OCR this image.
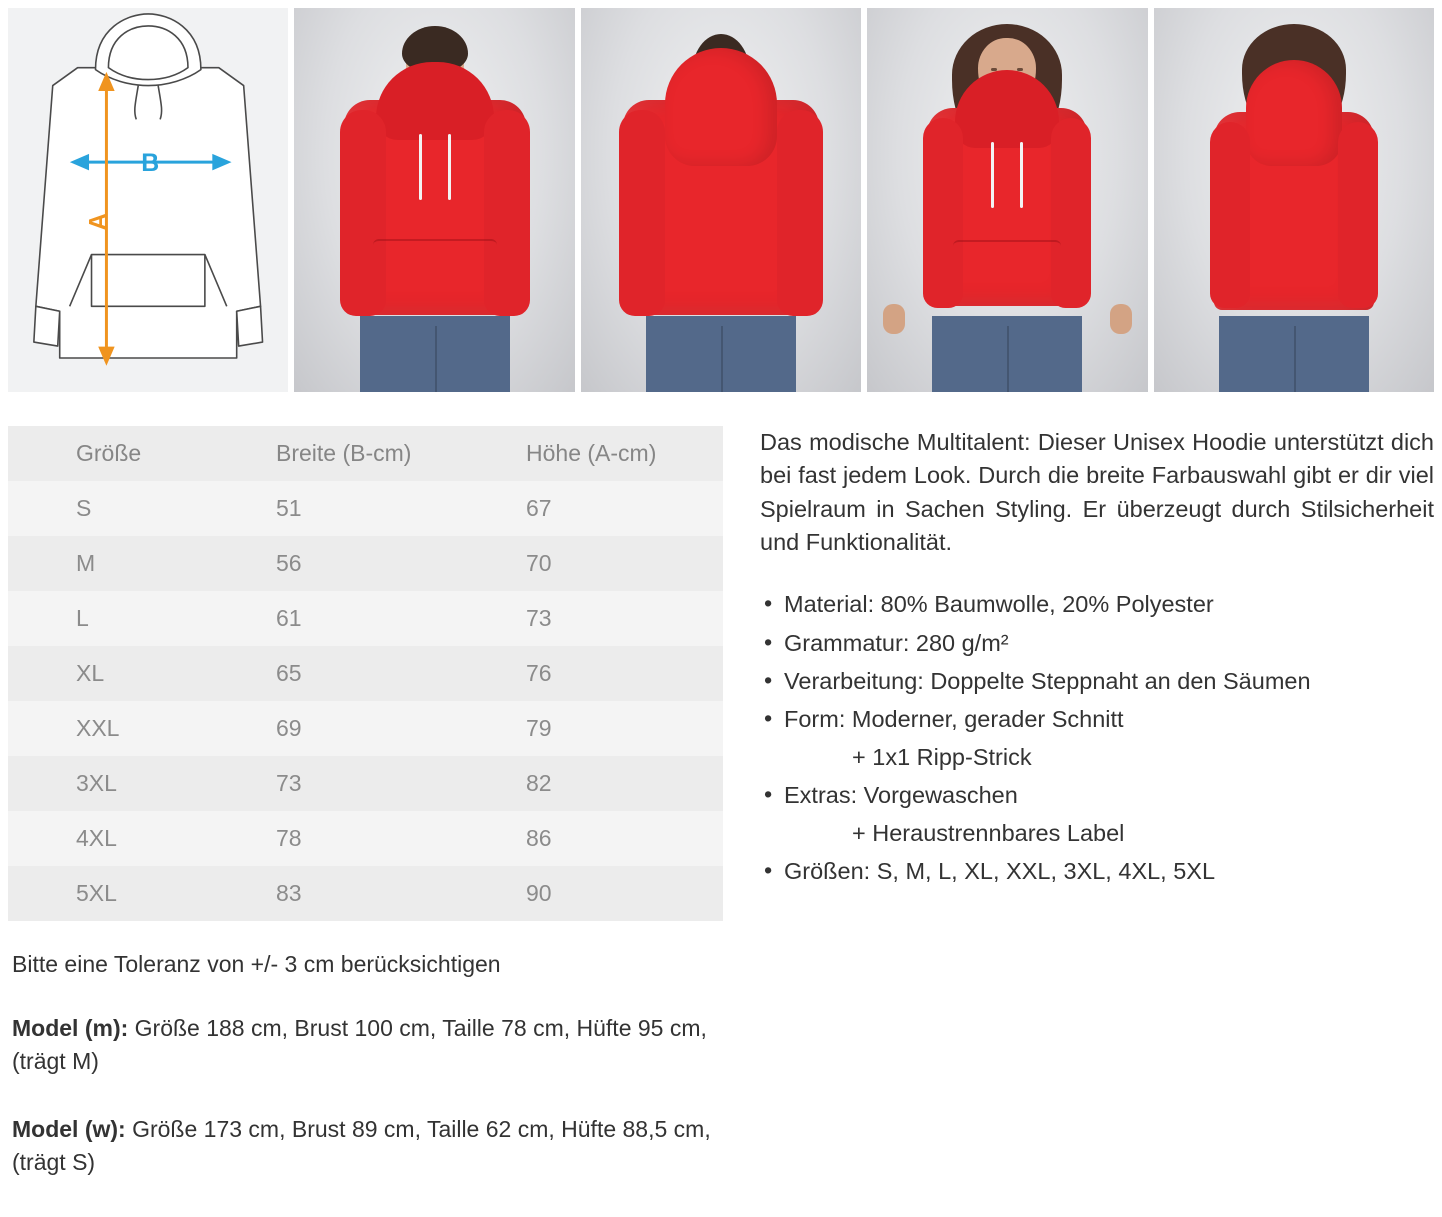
B
A
Größe	Breite (B-cm)	Höhe (A-cm)
S	51	67
M	56	70
L	61	73
XL	65	76
XXL	69	79
3XL	73	82
4XL	78	86
5XL	83	90
Bitte eine Toleranz von +/- 3 cm berücksichtigen
Model (m): Größe 188 cm, Brust 100 cm, Taille 78 cm, Hüfte 95 cm, (trägt M)
Model (w): Größe 173 cm, Brust 89 cm, Taille 62 cm, Hüfte 88,5 cm, (trägt S)

Das modische Multitalent: Dieser Unisex Hoodie unterstützt dich bei fast jedem Look. Durch die breite Farbauswahl gibt er dir viel Spielraum in Sachen Styling. Er überzeugt durch Stilsicherheit und Funktionalität.

• Material: 80% Baumwolle, 20% Polyester
• Grammatur: 280 g/m²
• Verarbeitung: Doppelte Steppnaht an den Säumen
• Form: Moderner, gerader Schnitt
+ 1x1 Ripp-Strick
• Extras: Vorgewaschen
+ Heraustrennbares Label
• Größen: S, M, L, XL, XXL, 3XL, 4XL, 5XL
